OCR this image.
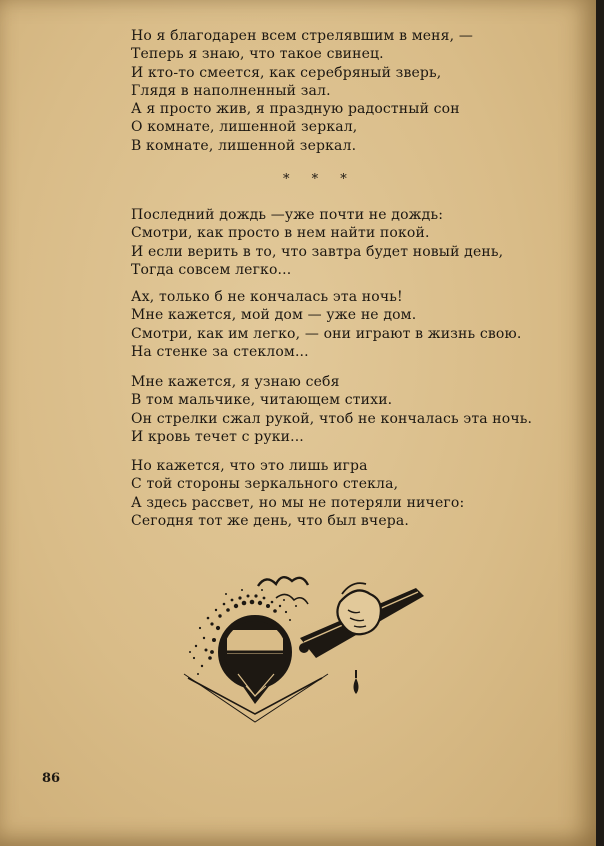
Но я благодарен всем стрелявшим в меня, —
Теперь я знаю, что такое свинец.
И кто-то смеется, как серебряный зверь,
Глядя в наполненный зал.
А я просто жив, я праздную радостный сон
О комнате, лишенной зеркал,
В комнате, лишенной зеркал.
* * *
Последний дождь —уже почти не дождь:
Смотри, как просто в нем найти покой.
И если верить в то, что завтра будет новый день,
Тогда совсем легко...
Ах, только б не кончалась эта ночь!
Мне кажется, мой дом — уже не дом.
Смотри, как им легко, — они играют в жизнь свою.
На стенке за стеклом...
Мне кажется, я узнаю себя
В том мальчике, читающем стихи.
Он стрелки сжал рукой, чтоб не кончалась эта ночь.
И кровь течет с руки...
Но кажется, что это лишь игра
С той стороны зеркального стекла,
А здесь рассвет, но мы не потеряли ничего:
Сегодня тот же день, что был вчера.
86
